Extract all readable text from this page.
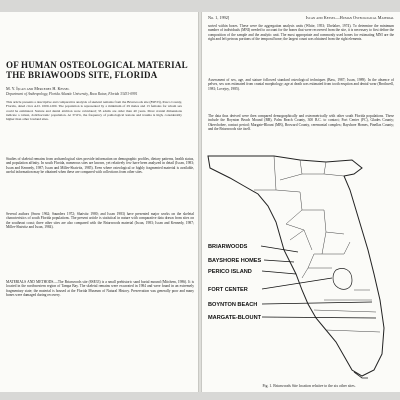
OF HUMAN OSTEOLOGICAL MATERIAL THE BRIAWOODS SITE, FLORIDA
M. Y. İşcan and Mercedes H. Kessel
Department of Anthropology, Florida Atlantic University, Boca Raton, Florida 33431-0991
This article presents a descriptive and comparative analysis of skeletal remains from the Briarwoods site (8SE33), Pasco County, Florida, dated circa A.D. 1000-1200. The population is represented by a minimum of 29 males and 13 females for whom sex could be estimated. Stature and dental attrition were calculated; 33 adults are older than 40 years. Most cranial dimensions indicate a robust, dolichocranic population. At 37.6%, the frequency of pathological lesions and trauma is high, considerably higher than other lowland sites.
Studies of skeletal remains from archaeological sites provide information on demographic profiles, dietary patterns, health status, and population affinity. In south Florida, numerous sites are known, yet relatively few have been analyzed in detail (Iscan, 1983; Iscan and Kennedy, 1987; Iscan and Miller-Shaivitz, 1985). Even where osteological or highly fragmented material is available, useful information may be obtained when these are compared with collections from other sites.
Several authors (Snow 1962; Saunders 1972; Shaivitz 1980; and Iscan 1983) have presented major works on the skeletal characteristics of south Florida populations. The present article is statistical in nature with comparative data drawn from sites on the southeast coast; three other sites are also compared with the Briarwoods material (Iscan, 1983; Iscan and Kennedy, 1987; Miller-Shaivitz and Iscan, 1984).
MATERIALS AND METHODS.—The Briarwoods site (8SE33) is a small prehistoric sand burial mound (Mitchem, 1986). It is located in the northwestern region of Tampa Bay. The skeletal remains were excavated in 1984 and were found in an extremely fragmentary state; the material is housed at the Florida Museum of Natural History. Preservation was generally poor and many bones were damaged during recovery.
No. 1, 1992]	Iscan and Kessel—Human Osteological Material
sorted within boxes. These were the aggregation analysis units (White, 1953; Ubelaker, 1974). To determine the minimum number of individuals (MNI) needed to account for the bones that were recovered from the site, it is necessary to first define the composition of the sample and the analytic unit. The most appropriate and commonly used bones for estimating MNI are the right and left petrous portions of the temporal bone; the largest count was obtained from the right elements.
Assessment of sex, age, and stature followed standard osteological techniques (Bass, 1987; Iscan, 1989). In the absence of pelves, sex was estimated from cranial morphology; age at death was estimated from tooth eruption and dental wear (Brothwell, 1981; Lovejoy, 1985).
The data thus derived were then compared demographically and osteometrically with other south Florida populations. These include the Boynton Beach Mound (BB), Palm Beach County, 300 B.C. to contact; Fort Center (FC), Glades County; Okeechobee, contact period; Margate-Blount (MB), Broward County, ceremonial complex; Bayshore Homes, Pinellas County; and the Briarwoods site itself.
BRIARWOODS
BAYSHORE HOMES
PERICO ISLAND
FORT CENTER
BOYNTON BEACH
MARGATE-BLOUNT
Fig. 1. Briarwoods Site location relative to the six other sites.
